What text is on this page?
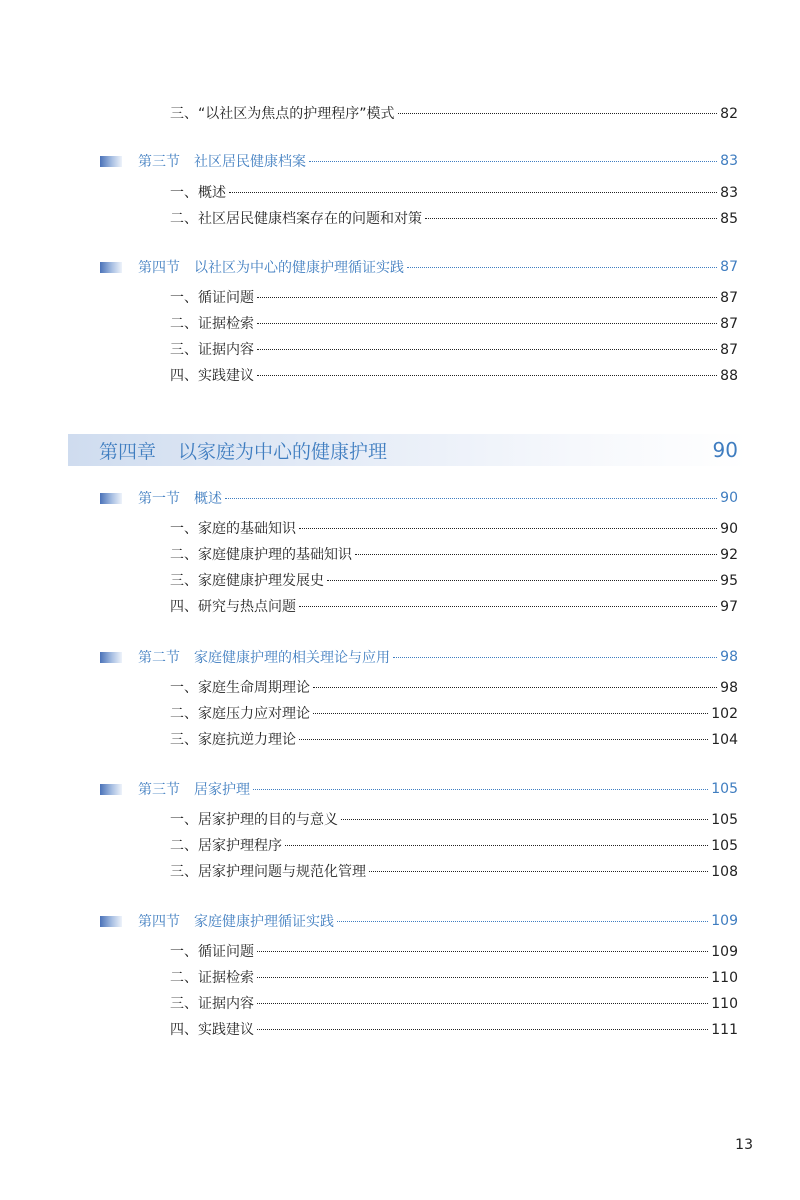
三、“以社区为焦点的护理程序”模式	82
第三节 社区居民健康档案	83
一、概述	83
二、社区居民健康档案存在的问题和对策	85
第四节 以社区为中心的健康护理循证实践	87
一、循证问题	87
二、证据检索	87
三、证据内容	87
四、实践建议	88
第四章 以家庭为中心的健康护理	90
第一节 概述	90
一、家庭的基础知识	90
二、家庭健康护理的基础知识	92
三、家庭健康护理发展史	95
四、研究与热点问题	97
第二节 家庭健康护理的相关理论与应用	98
一、家庭生命周期理论	98
二、家庭压力应对理论	102
三、家庭抗逆力理论	104
第三节 居家护理	105
一、居家护理的目的与意义	105
二、居家护理程序	105
三、居家护理问题与规范化管理	108
第四节 家庭健康护理循证实践	109
一、循证问题	109
二、证据检索	110
三、证据内容	110
四、实践建议	111
13
